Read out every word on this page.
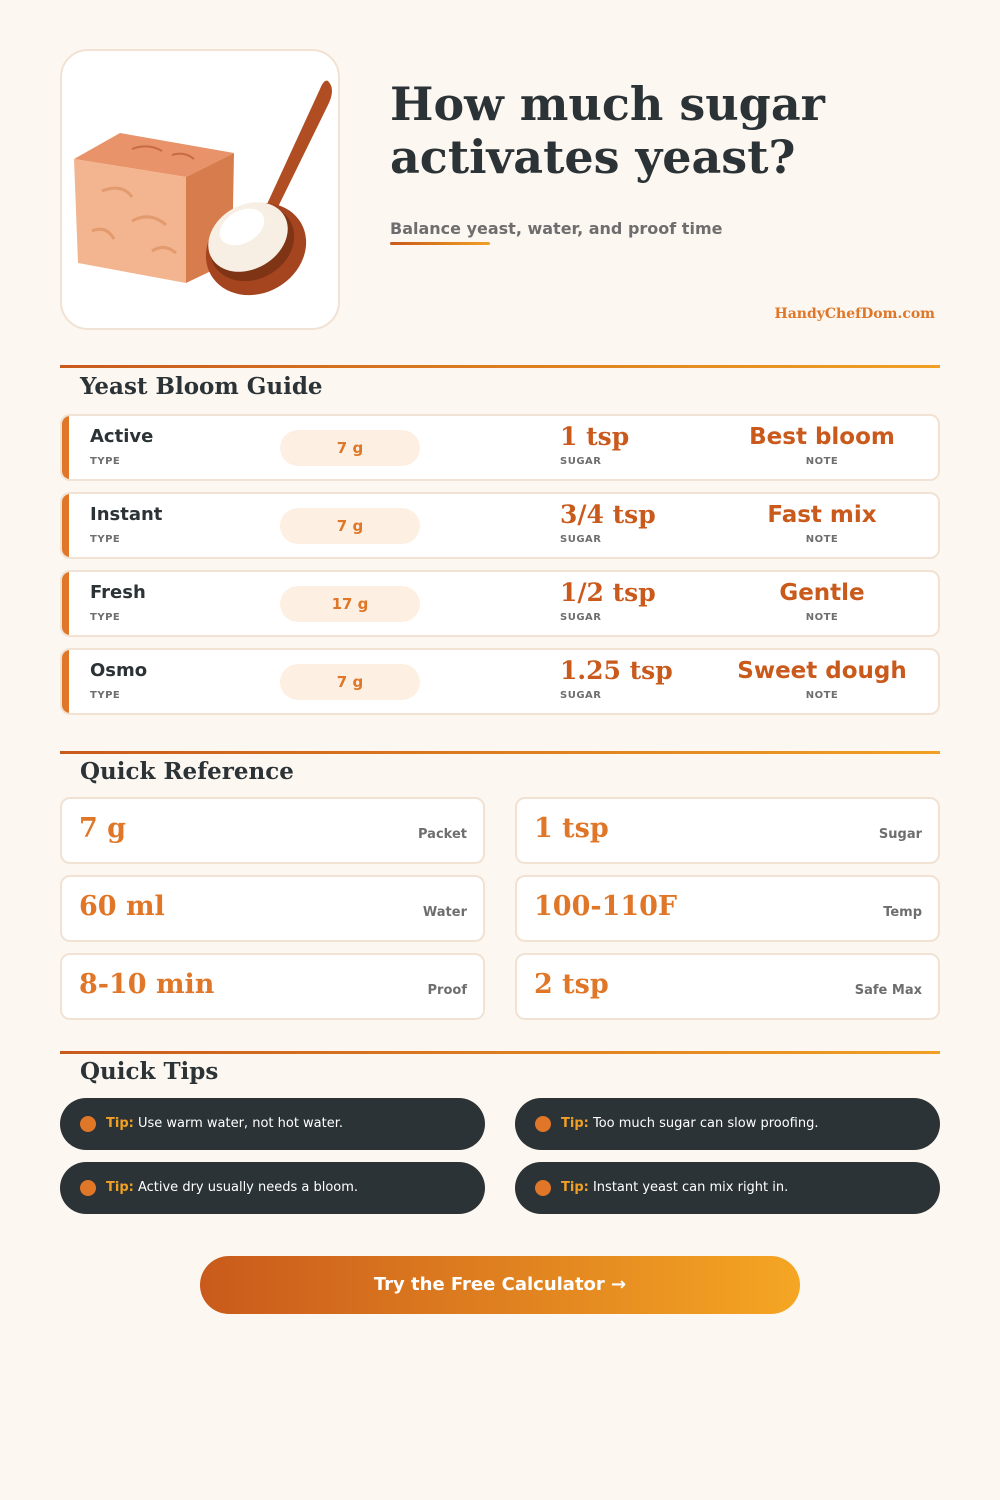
How much sugar
activates yeast?
Balance yeast, water, and proof time
HandyChefDom.com
Yeast Bloom Guide
Active
TYPE
7 g	1 tsp
SUGAR
Best bloom
NOTE
Instant
TYPE
7 g	3/4 tsp
SUGAR
Fast mix
NOTE
Fresh
TYPE
17 g	1/2 tsp
SUGAR
Gentle
NOTE
Osmo
TYPE
7 g	1.25 tsp
SUGAR
Sweet dough
NOTE
Quick Reference
7 g	Packet 1 tsp	Sugar
60 ml	Water 100-110F	Temp
8-10 min	Proof 2 tsp	Safe Max
Quick Tips
Tip: Use warm water, not hot water.	Tip: Too much sugar can slow proofing.
Tip: Active dry usually needs a bloom.	Tip: Instant yeast can mix right in.
Try the Free Calculator →
